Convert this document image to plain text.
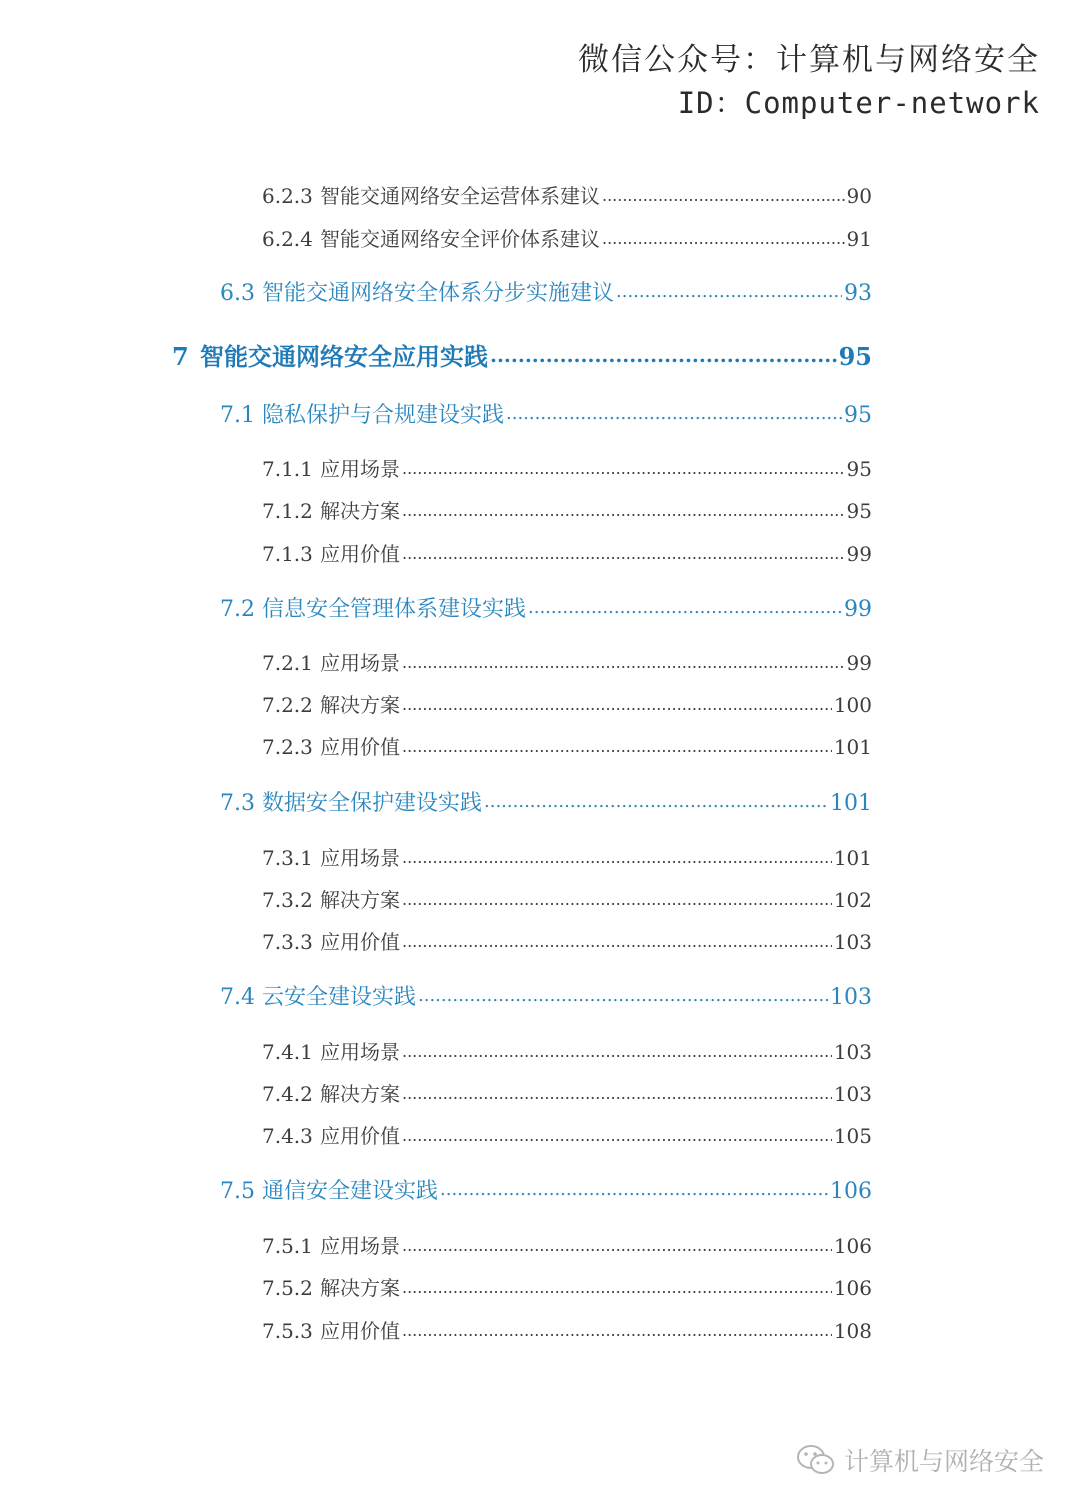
微信公众号：计算机与网络安全
ID：Computer-network
6.2.3 智能交通网络安全运营体系建议 .....	90
6.2.4 智能交通网络安全评价体系建议 .....	91
6.3 智能交通网络安全体系分步实施建议 .....	93
7 智能交通网络安全应用实践 .....	95
7.1 隐私保护与合规建设实践 .....	95
7.1.1 应用场景 .....	95
7.1.2 解决方案 .....	95
7.1.3 应用价值 .....	99
7.2 信息安全管理体系建设实践 .....	99
7.2.1 应用场景 .....	99
7.2.2 解决方案 .....	100
7.2.3 应用价值 .....	101
7.3 数据安全保护建设实践 .....	101
7.3.1 应用场景 .....	101
7.3.2 解决方案 .....	102
7.3.3 应用价值 .....	103
7.4 云安全建设实践 .....	103
7.4.1 应用场景 .....	103
7.4.2 解决方案 .....	103
7.4.3 应用价值 .....	105
7.5 通信安全建设实践 .....	106
7.5.1 应用场景 .....	106
7.5.2 解决方案 .....	106
7.5.3 应用价值 .....	108
计算机与网络安全
